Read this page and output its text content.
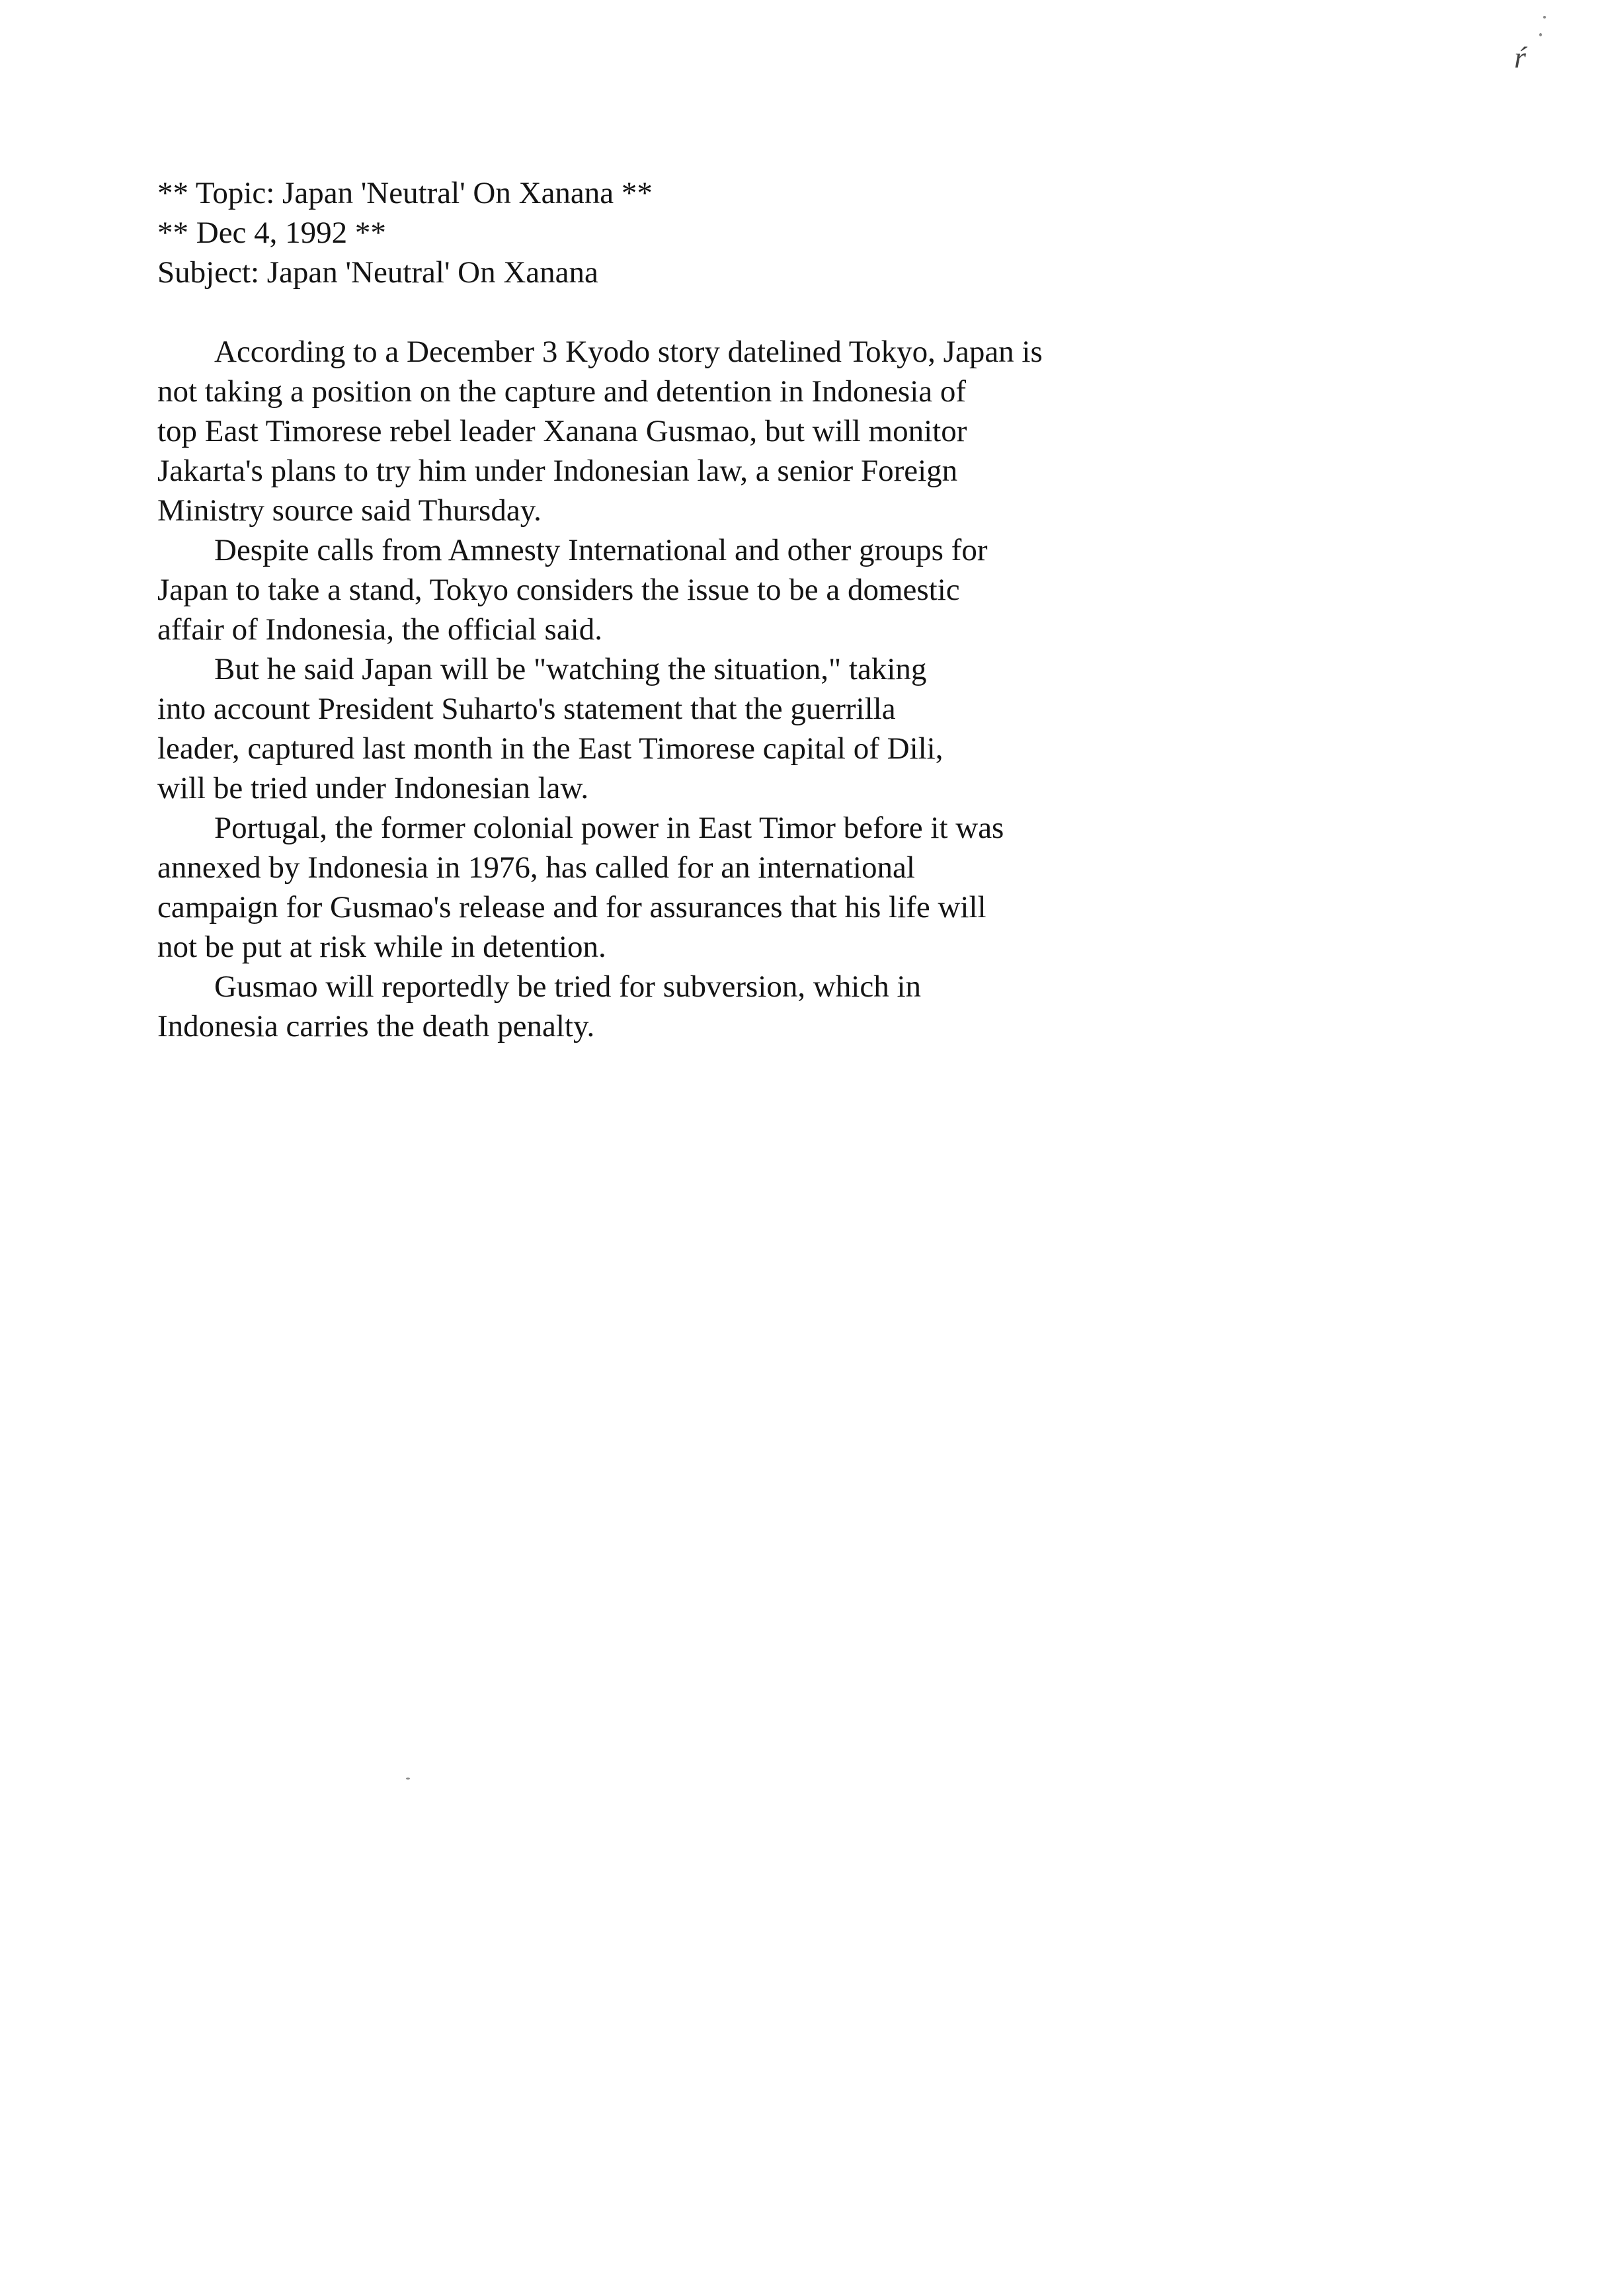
ŕ
** Topic: Japan 'Neutral' On Xanana **
** Dec 4, 1992 **
Subject: Japan 'Neutral' On Xanana

According to a December 3 Kyodo story datelined Tokyo, Japan is
not taking a position on the capture and detention in Indonesia of
top East Timorese rebel leader Xanana Gusmao, but will monitor
Jakarta's plans to try him under Indonesian law, a senior Foreign
Ministry source said Thursday.

Despite calls from Amnesty International and other groups for
Japan to take a stand, Tokyo considers the issue to be a domestic
affair of Indonesia, the official said.

But he said Japan will be "watching the situation," taking
into account President Suharto's statement that the guerrilla
leader, captured last month in the East Timorese capital of Dili,
will be tried under Indonesian law.

Portugal, the former colonial power in East Timor before it was
annexed by Indonesia in 1976, has called for an international
campaign for Gusmao's release and for assurances that his life will
not be put at risk while in detention.

Gusmao will reportedly be tried for subversion, which in
Indonesia carries the death penalty.
